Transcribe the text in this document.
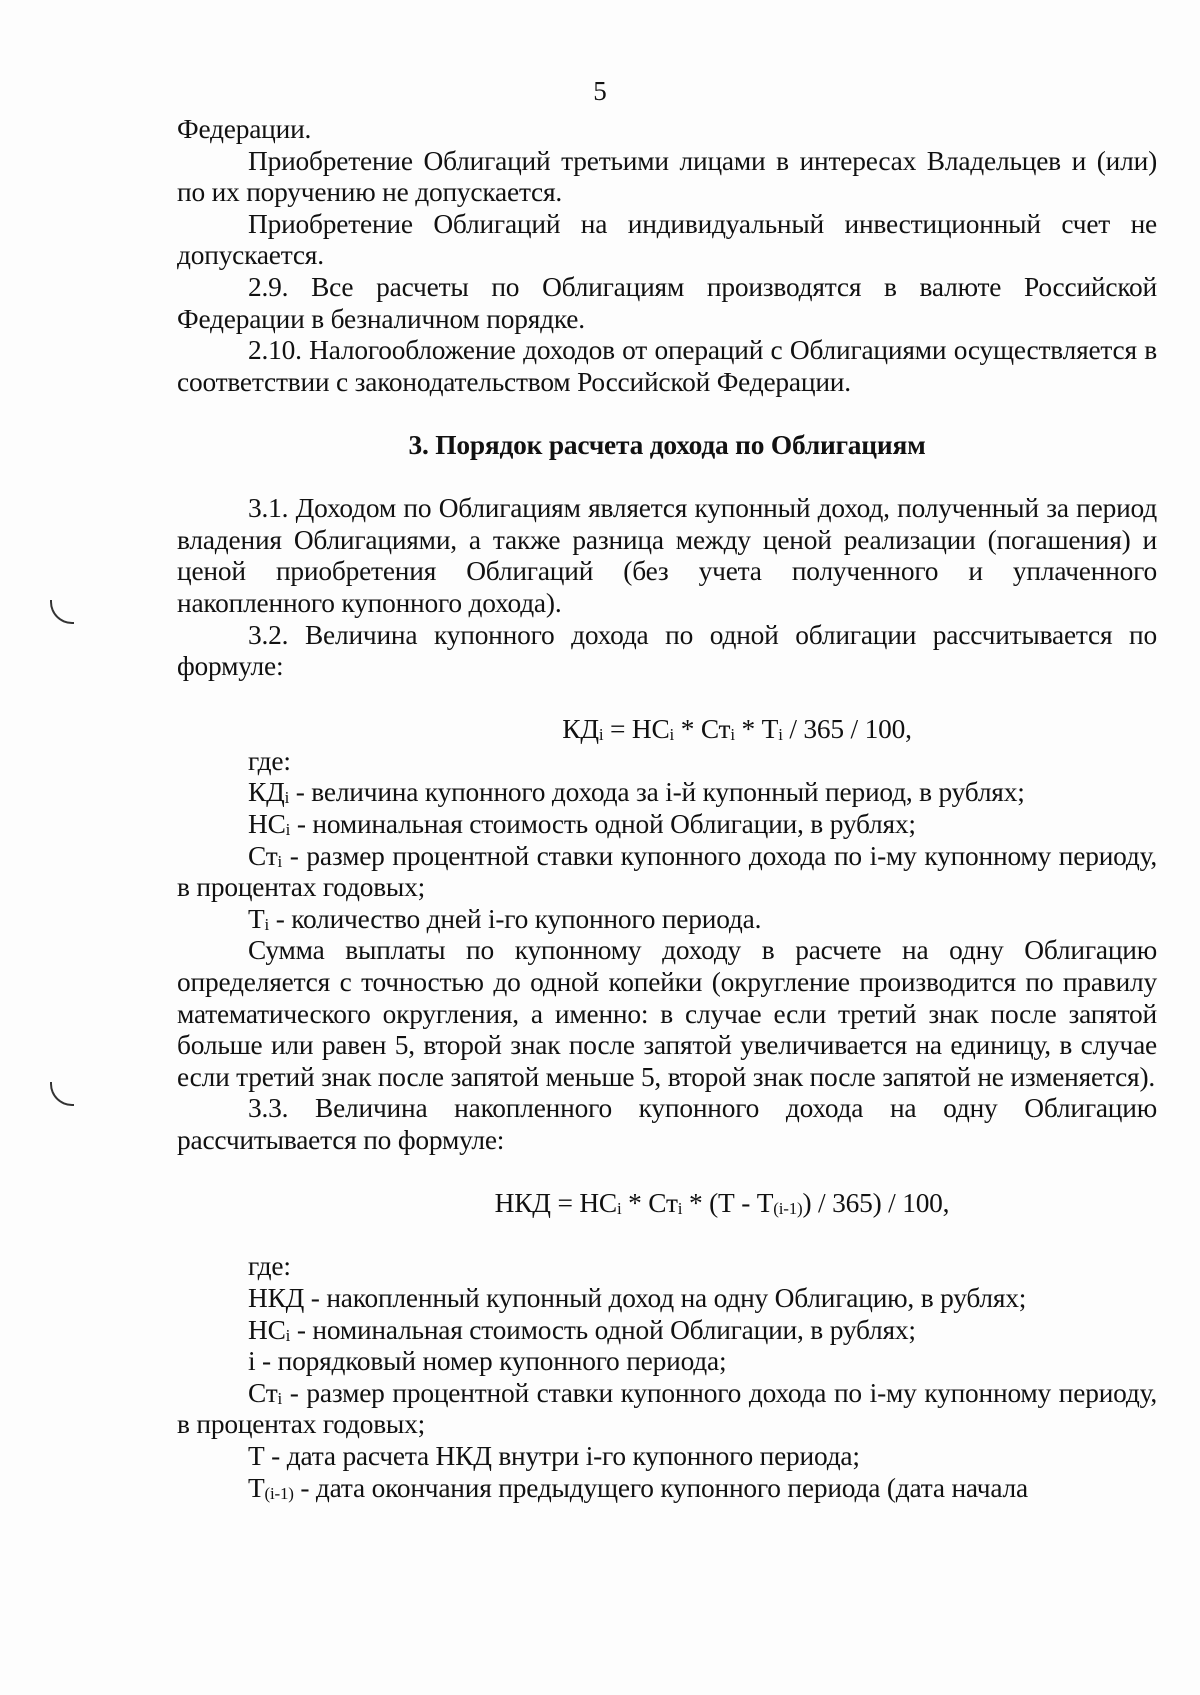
5

Федерации.

Приобретение Облигаций третьими лицами в интересах Владельцев и (или) по их поручению не допускается.

Приобретение Облигаций на индивидуальный инвестиционный счет не допускается.

2.9. Все расчеты по Облигациям производятся в валюте Российской Федерации в безналичном порядке.

2.10. Налогообложение доходов от операций с Облигациями осуществляется в соответствии с законодательством Российской Федерации.

3. Порядок расчета дохода по Облигациям

3.1. Доходом по Облигациям является купонный доход, полученный за период владения Облигациями, а также разница между ценой реализации (погашения) и ценой приобретения Облигаций (без учета полученного и уплаченного накопленного купонного дохода).

3.2. Величина купонного дохода по одной облигации рассчитывается по формуле:

$КД_i = НС_i * Ст_i * Т_i / 365 / 100$,

где:

$КД_i$ - величина купонного дохода за i-й купонный период, в рублях;

$НС_i$ - номинальная стоимость одной Облигации, в рублях;

$Ст_i$ - размер процентной ставки купонного дохода по i-му купонному периоду, в процентах годовых;

$Т_i$ - количество дней i-го купонного периода.

Сумма выплаты по купонному доходу в расчете на одну Облигацию определяется с точностью до одной копейки (округление производится по правилу математического округления, а именно: в случае если третий знак после запятой больше или равен 5, второй знак после запятой увеличивается на единицу, в случае если третий знак после запятой меньше 5, второй знак после запятой не изменяется).

3.3. Величина накопленного купонного дохода на одну Облигацию рассчитывается по формуле:

НКД = $НС_i * Ст_i * (Т - Т_{(i-1)}) / 365) / 100$,

где:

НКД - накопленный купонный доход на одну Облигацию, в рублях;

$НС_i$ - номинальная стоимость одной Облигации, в рублях;

i - порядковый номер купонного периода;

$Ст_i$ - размер процентной ставки купонного дохода по i-му купонному периоду, в процентах годовых;

Т - дата расчета НКД внутри i-го купонного периода;

$Т_{(i-1)}$ - дата окончания предыдущего купонного периода (дата начала
